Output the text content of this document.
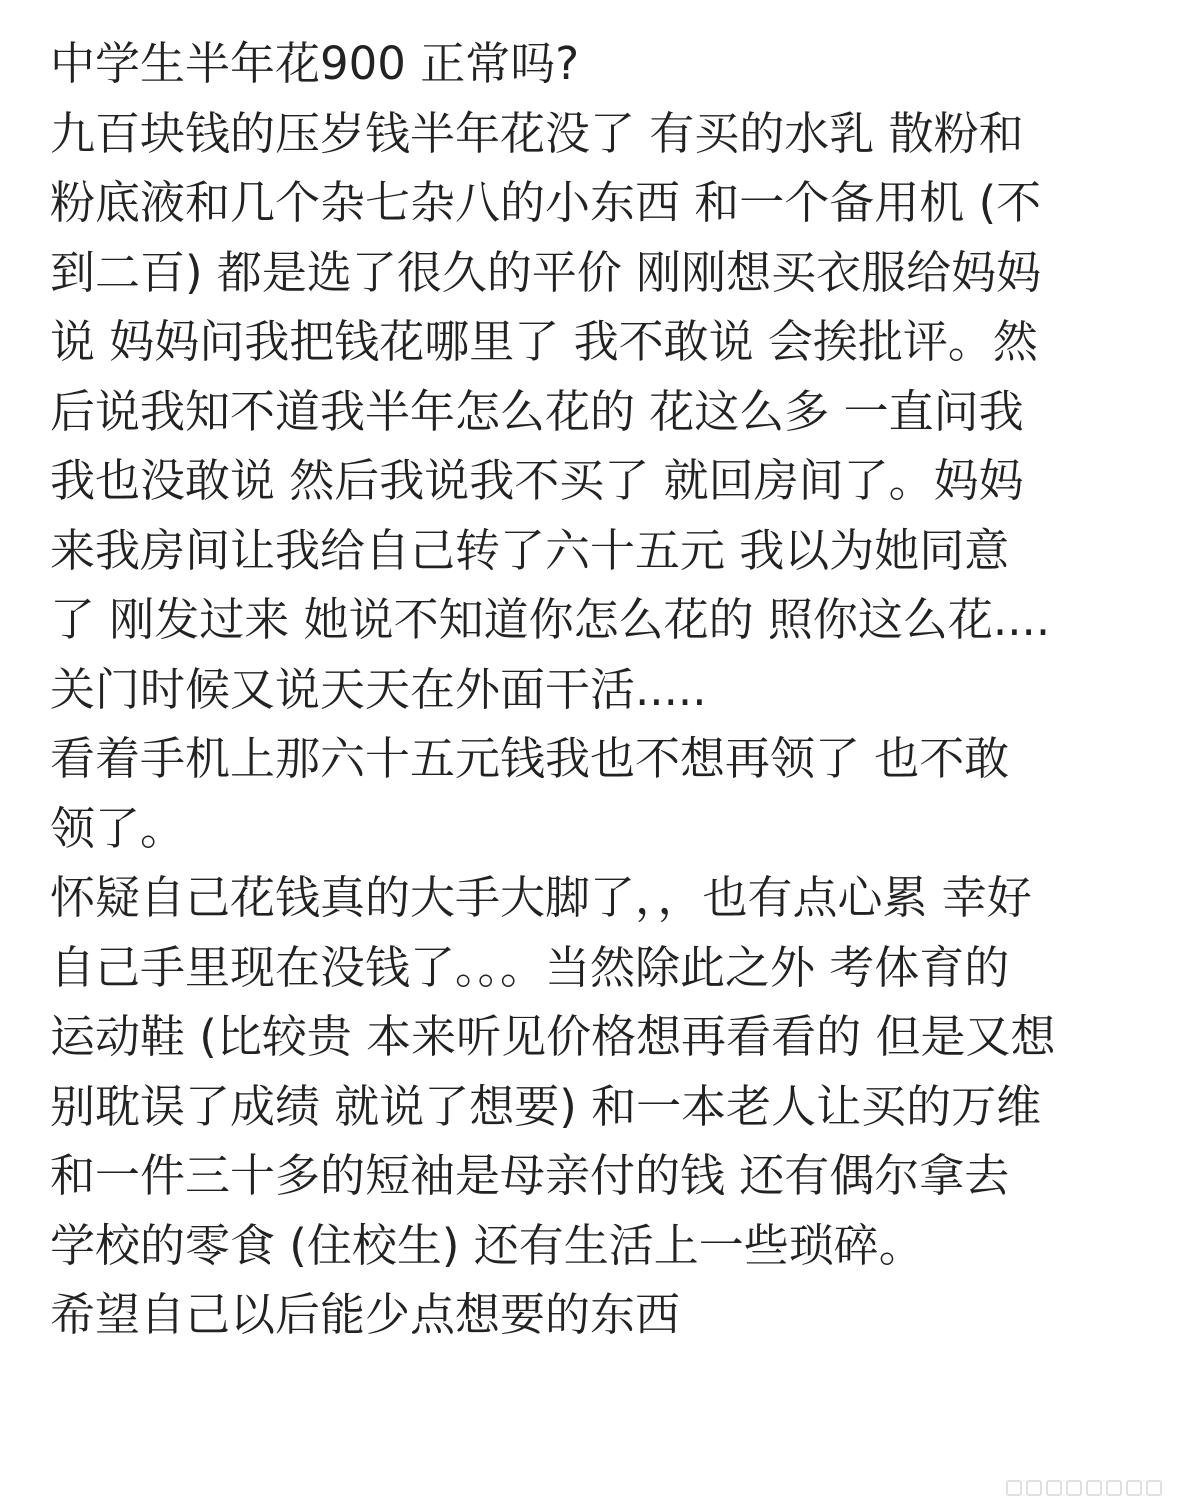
中学生半年花900 正常吗?
九百块钱的压岁钱半年花没了 有买的水乳 散粉和
粉底液和几个杂七杂八的小东西 和一个备用机 (不
到二百) 都是选了很久的平价 刚刚想买衣服给妈妈
说 妈妈问我把钱花哪里了 我不敢说 会挨批评。然
后说我知不道我半年怎么花的 花这么多 一直问我
我也没敢说 然后我说我不买了 就回房间了。妈妈
来我房间让我给自己转了六十五元 我以为她同意
了 刚发过来 她说不知道你怎么花的 照你这么花....
关门时候又说天天在外面干活.....
看着手机上那六十五元钱我也不想再领了 也不敢
领了。
怀疑自己花钱真的大手大脚了，，也有点心累 幸好
自己手里现在没钱了。。。当然除此之外 考体育的
运动鞋 (比较贵 本来听见价格想再看看的 但是又想
别耽误了成绩 就说了想要) 和一本老人让买的万维
和一件三十多的短袖是母亲付的钱 还有偶尔拿去
学校的零食 (住校生) 还有生活上一些琐碎。
希望自己以后能少点想要的东西
